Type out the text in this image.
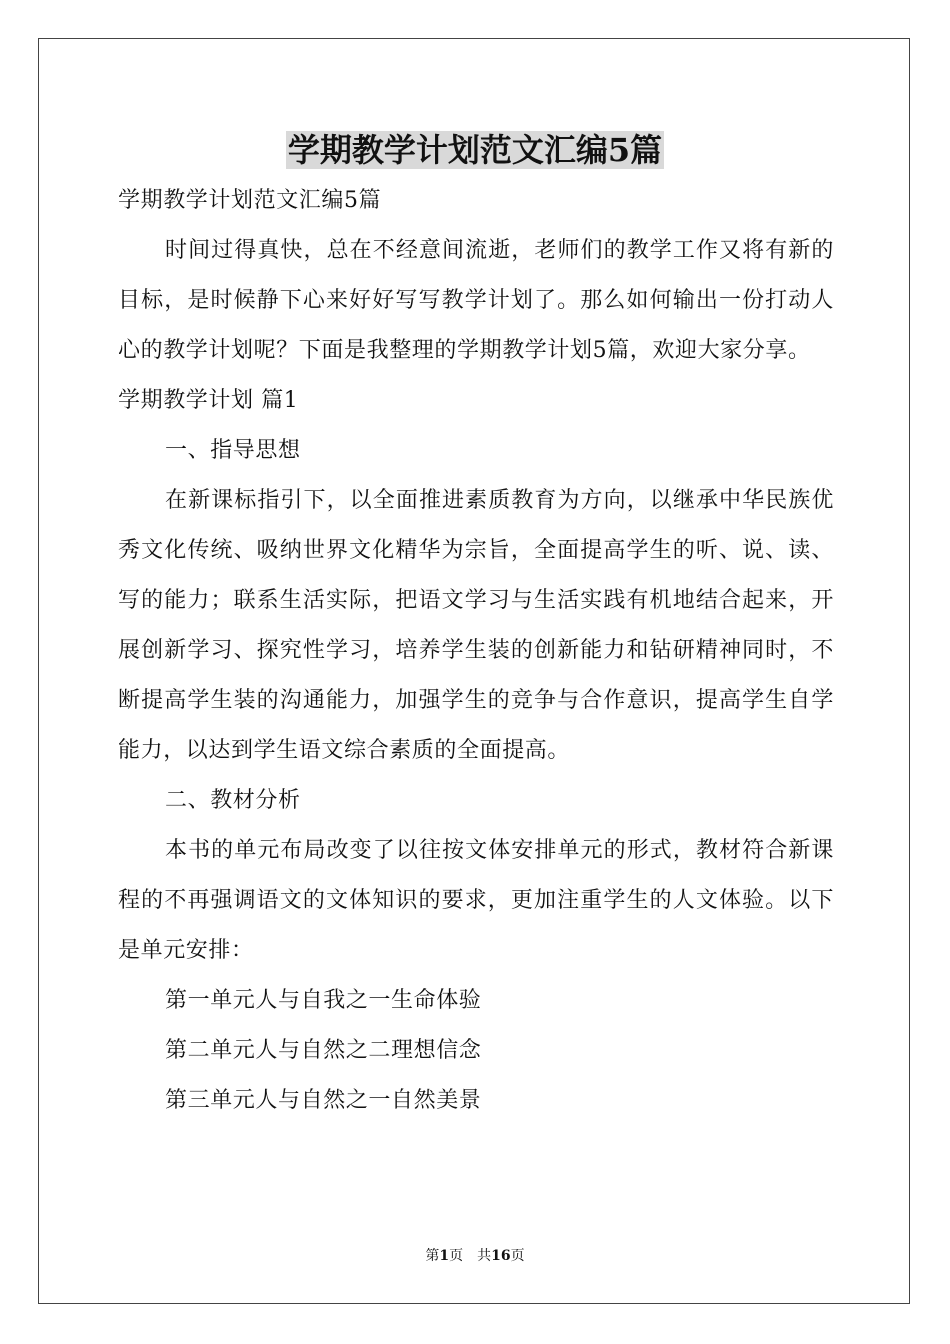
学期教学计划范文汇编5篇

学期教学计划范文汇编5篇

时间过得真快，总在不经意间流逝，老师们的教学工作又将有新的目标，是时候静下心来好好写写教学计划了。那么如何输出一份打动人心的教学计划呢？下面是我整理的学期教学计划5篇，欢迎大家分享。

学期教学计划 篇1

一、指导思想

在新课标指引下，以全面推进素质教育为方向，以继承中华民族优秀文化传统、吸纳世界文化精华为宗旨，全面提高学生的听、说、读、写的能力；联系生活实际，把语文学习与生活实践有机地结合起来，开展创新学习、探究性学习，培养学生装的创新能力和钻研精神同时，不断提高学生装的沟通能力，加强学生的竞争与合作意识，提高学生自学能力，以达到学生语文综合素质的全面提高。

二、教材分析

本书的单元布局改变了以往按文体安排单元的形式，教材符合新课程的不再强调语文的文体知识的要求，更加注重学生的人文体验。以下是单元安排：

第一单元人与自我之一生命体验

第二单元人与自然之二理想信念

第三单元人与自然之一自然美景

第1页 共16页
